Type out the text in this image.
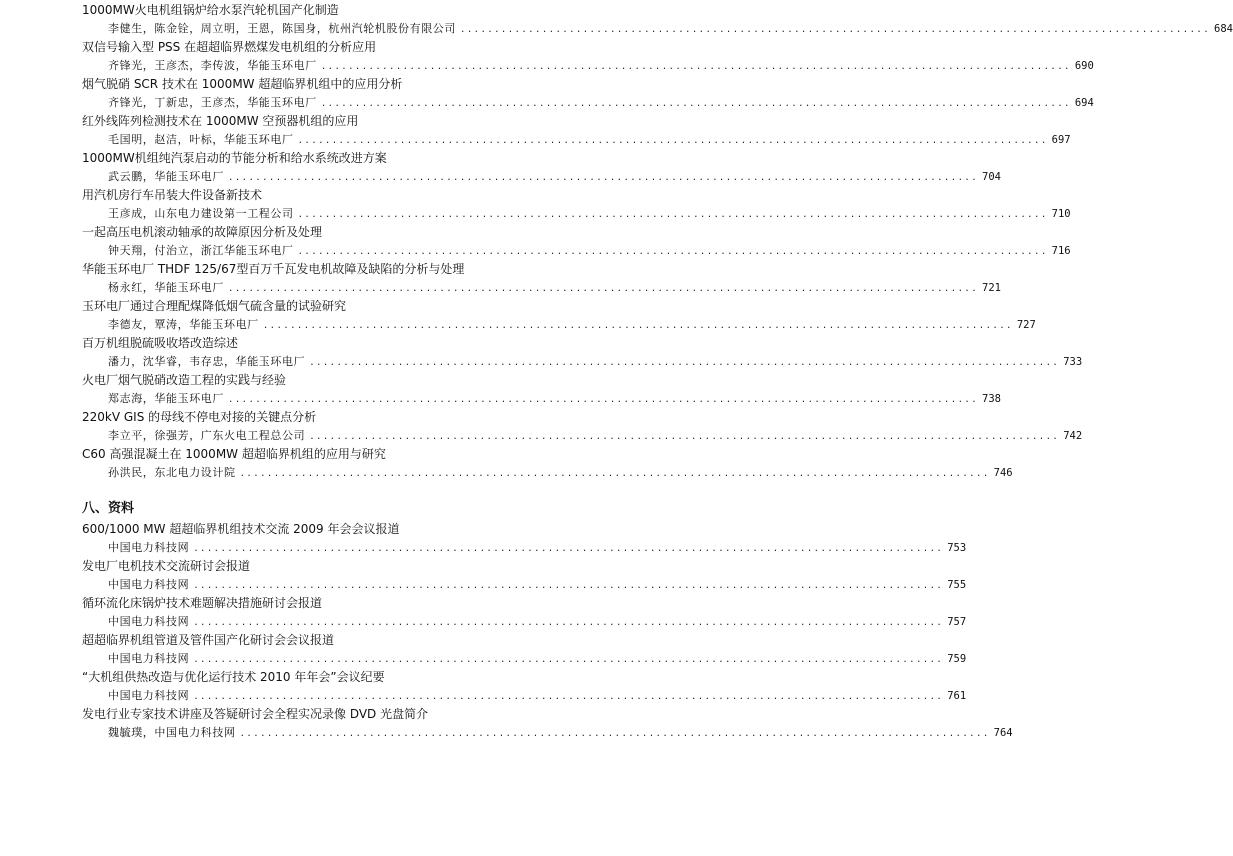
1000MW火电机组锅炉给水泵汽轮机国产化制造
李健生，陈金铨，周立明，王恩，陈国身，杭州汽轮机股份有限公司 .............................................................................................................. 684
双信号输入型 PSS 在超超临界燃煤发电机组的分析应用
齐锋光，王彦杰，李传波，华能玉环电厂 .............................................................................................................. 690
烟气脱硝 SCR 技术在 1000MW 超超临界机组中的应用分析
齐锋光，丁新忠，王彦杰，华能玉环电厂 .............................................................................................................. 694
红外线阵列检测技术在 1000MW 空预器机组的应用
毛国明，赵洁，叶标，华能玉环电厂 .............................................................................................................. 697
1000MW机组纯汽泵启动的节能分析和给水系统改进方案
武云鹏，华能玉环电厂 .............................................................................................................. 704
用汽机房行车吊装大件设备新技术
王彦成，山东电力建设第一工程公司 .............................................................................................................. 710
一起高压电机滚动轴承的故障原因分析及处理
钟天翔，付治立，浙江华能玉环电厂 .............................................................................................................. 716
华能玉环电厂 THDF 125/67型百万千瓦发电机故障及缺陷的分析与处理
杨永红，华能玉环电厂 .............................................................................................................. 721
玉环电厂通过合理配煤降低烟气硫含量的试验研究
李德友，覃涛，华能玉环电厂 .............................................................................................................. 727
百万机组脱硫吸收塔改造综述
潘力，沈华睿，韦存忠，华能玉环电厂 .............................................................................................................. 733
火电厂烟气脱硝改造工程的实践与经验
郑志海，华能玉环电厂 .............................................................................................................. 738
220kV GIS 的母线不停电对接的关键点分析
李立平，徐强芳，广东火电工程总公司 .............................................................................................................. 742
C60 高强混凝土在 1000MW 超超临界机组的应用与研究
孙洪民，东北电力设计院 .............................................................................................................. 746
八、资料
600/1000 MW 超超临界机组技术交流 2009 年会会议报道
中国电力科技网 .............................................................................................................. 753
发电厂电机技术交流研讨会报道
中国电力科技网 .............................................................................................................. 755
循环流化床锅炉技术难题解决措施研讨会报道
中国电力科技网 .............................................................................................................. 757
超超临界机组管道及管件国产化研讨会会议报道
中国电力科技网 .............................................................................................................. 759
“大机组供热改造与优化运行技术 2010 年年会”会议纪要
中国电力科技网 .............................................................................................................. 761
发电行业专家技术讲座及答疑研讨会全程实况录像 DVD 光盘简介
魏毓璞，中国电力科技网 .............................................................................................................. 764
